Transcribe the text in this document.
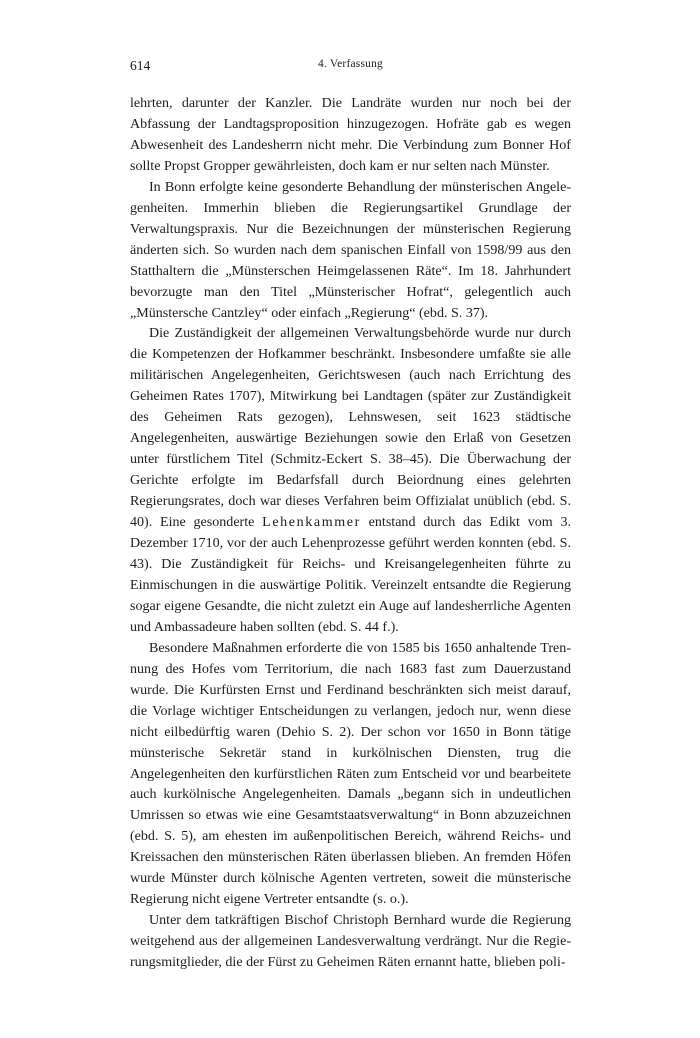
614	4. Verfassung

lehrten, darunter der Kanzler. Die Landräte wurden nur noch bei der Abfassung der Landtagsproposition hinzugezogen. Hofräte gab es wegen Abwesenheit des Landesherrn nicht mehr. Die Verbindung zum Bonner Hof sollte Propst Gropper gewährleisten, doch kam er nur selten nach Münster.

In Bonn erfolgte keine gesonderte Behandlung der münsterischen Angelegenheiten. Immerhin blieben die Regierungsartikel Grundlage der Verwaltungspraxis. Nur die Bezeichnungen der münsterischen Regierung änderten sich. So wurden nach dem spanischen Einfall von 1598/99 aus den Statthaltern die „Münsterschen Heimgelassenen Räte“. Im 18. Jahrhundert bevorzugte man den Titel „Münsterischer Hofrat“, gelegentlich auch „Münstersche Cantzley“ oder einfach „Regierung“ (ebd. S. 37).

Die Zuständigkeit der allgemeinen Verwaltungsbehörde wurde nur durch die Kompetenzen der Hofkammer beschränkt. Insbesondere umfaßte sie alle militärischen Angelegenheiten, Gerichtswesen (auch nach Errichtung des Geheimen Rates 1707), Mitwirkung bei Landtagen (später zur Zuständigkeit des Geheimen Rats gezogen), Lehnswesen, seit 1623 städtische Angelegenheiten, auswärtige Beziehungen sowie den Erlaß von Gesetzen unter fürstlichem Titel (Schmitz-Eckert S. 38–45). Die Überwachung der Gerichte erfolgte im Bedarfsfall durch Beiordnung eines gelehrten Regierungsrates, doch war dieses Verfahren beim Offizialat unüblich (ebd. S. 40). Eine gesonderte Lehenkammer entstand durch das Edikt vom 3. Dezember 1710, vor der auch Lehenprozesse geführt werden konnten (ebd. S. 43). Die Zuständigkeit für Reichs- und Kreisangelegenheiten führte zu Einmischungen in die auswärtige Politik. Vereinzelt entsandte die Regierung sogar eigene Gesandte, die nicht zuletzt ein Auge auf landesherrliche Agenten und Ambassadeure haben sollten (ebd. S. 44 f.).

Besondere Maßnahmen erforderte die von 1585 bis 1650 anhaltende Trennung des Hofes vom Territorium, die nach 1683 fast zum Dauerzustand wurde. Die Kurfürsten Ernst und Ferdinand beschränkten sich meist darauf, die Vorlage wichtiger Entscheidungen zu verlangen, jedoch nur, wenn diese nicht eilbedürftig waren (Dehio S. 2). Der schon vor 1650 in Bonn tätige münsterische Sekretär stand in kurkölnischen Diensten, trug die Angelegenheiten den kurfürstlichen Räten zum Entscheid vor und bearbeitete auch kurkölnische Angelegenheiten. Damals „begann sich in undeutlichen Umrissen so etwas wie eine Gesamtstaatsverwaltung“ in Bonn abzuzeichnen (ebd. S. 5), am ehesten im außenpolitischen Bereich, während Reichs- und Kreissachen den münsterischen Räten überlassen blieben. An fremden Höfen wurde Münster durch kölnische Agenten vertreten, soweit die münsterische Regierung nicht eigene Vertreter entsandte (s. o.).

Unter dem tatkräftigen Bischof Christoph Bernhard wurde die Regierung weitgehend aus der allgemeinen Landesverwaltung verdrängt. Nur die Regierungsmitglieder, die der Fürst zu Geheimen Räten ernannt hatte, blieben poli-
